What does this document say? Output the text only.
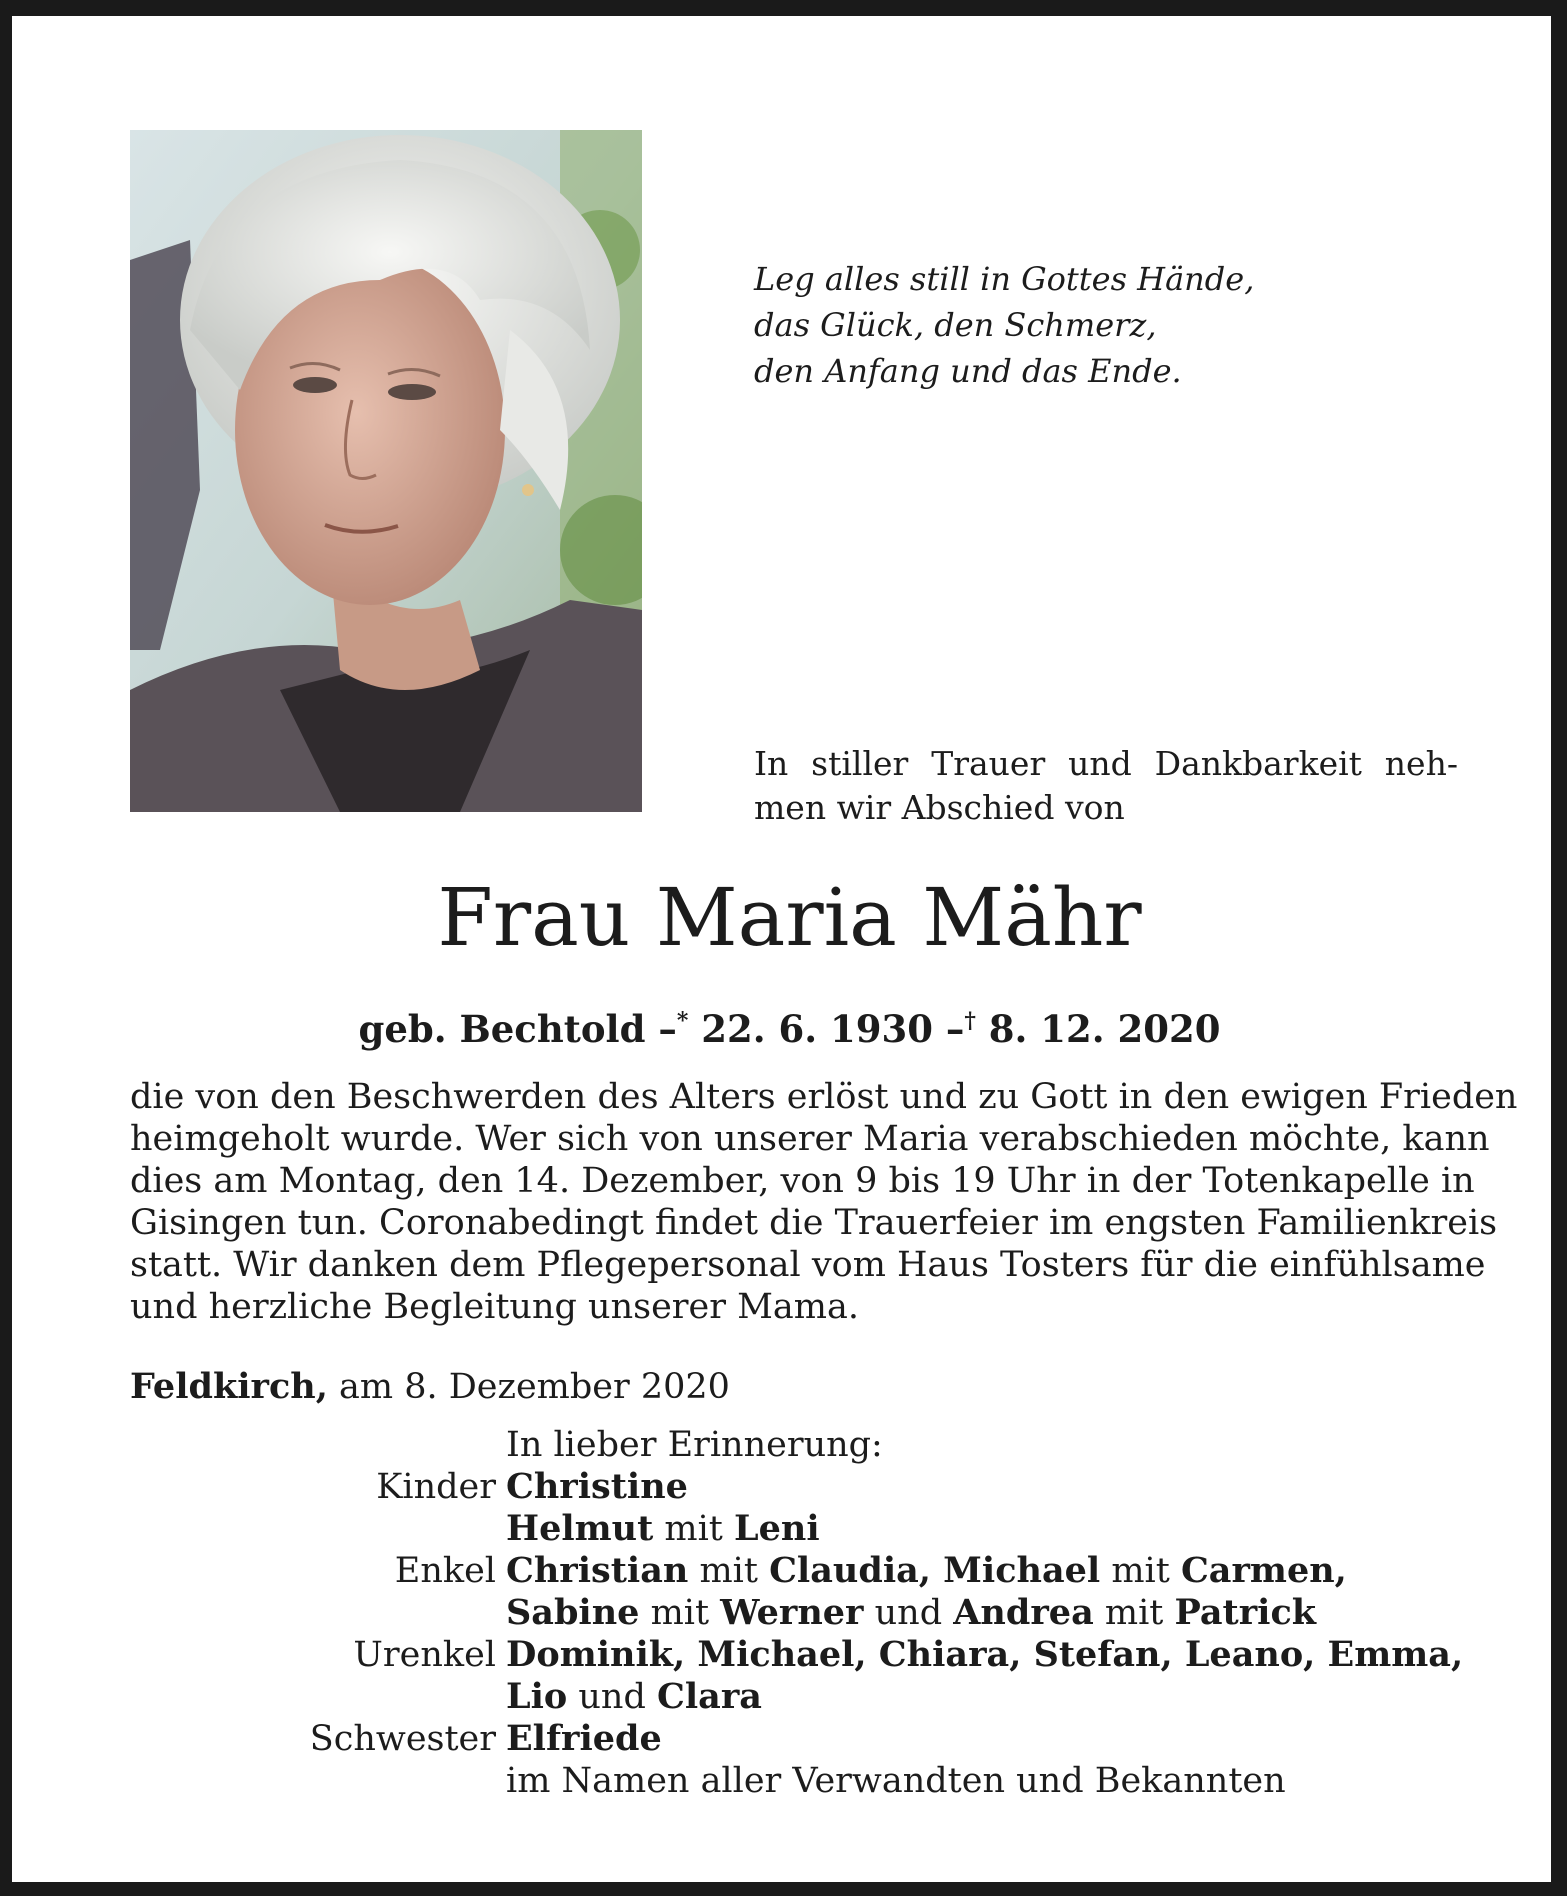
Leg alles still in Gottes Hände,
das Glück, den Schmerz,
den Anfang und das Ende.
In stiller Trauer und Dankbarkeit neh-
men wir Abschied von
Frau Maria Mähr
geb. Bechtold –* 22. 6. 1930 –† 8. 12. 2020
die von den Beschwerden des Alters erlöst und zu Gott in den ewigen Frieden
heimgeholt wurde. Wer sich von unserer Maria verabschieden möchte, kann
dies am Montag, den 14. Dezember, von 9 bis 19 Uhr in der Totenkapelle in
Gisingen tun. Coronabedingt findet die Trauerfeier im engsten Familienkreis
statt. Wir danken dem Pflegepersonal vom Haus Tosters für die einfühlsame
und herzliche Begleitung unserer Mama.
Feldkirch, am 8. Dezember 2020
In lieber Erinnerung:
Kinder Christine
Helmut mit Leni
Enkel Christian mit Claudia, Michael mit Carmen,
Sabine mit Werner und Andrea mit Patrick
Urenkel Dominik, Michael, Chiara, Stefan, Leano, Emma,
Lio und Clara
Schwester Elfriede
im Namen aller Verwandten und Bekannten
